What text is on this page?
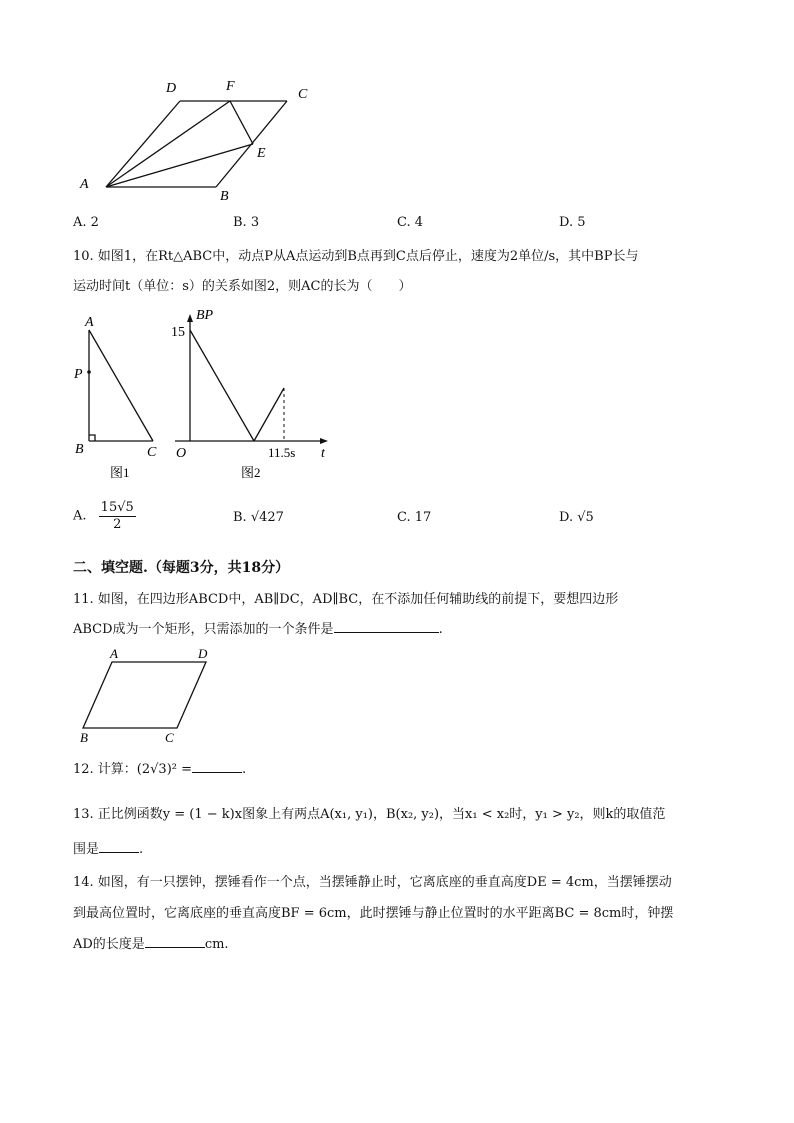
D	F
C
E
A
B
A. 2	B. 3	C. 4	D. 5
10. 如图1，在Rt△ABC中，动点P从A点运动到B点再到C点后停止，速度为2单位/s，其中BP长与
运动时间t（单位：s）的关系如图2，则AC的长为（　　）
A
P
B	C
图1
BP
15
O	11.5s t
图2
A. $\frac{15√5}{2}$	B. √427	C. 17	D. √5
二、填空题.（每题3分，共18分）
11. 如图，在四边形ABCD中，AB∥DC，AD∥BC，在不添加任何辅助线的前提下，要想四边形
ABCD成为一个矩形，只需添加的一个条件是	.
A	D
B	C
12. 计算：(2√3)² =	.
13. 正比例函数y = (1 − k)x图象上有两点A(x₁, y₁)，B(x₂, y₂)，当x₁ < x₂时，y₁ > y₂，则k的取值范
围是	.
14. 如图，有一只摆钟，摆锤看作一个点，当摆锤静止时，它离底座的垂直高度DE = 4cm，当摆锤摆动
到最高位置时，它离底座的垂直高度BF = 6cm，此时摆锤与静止位置时的水平距离BC = 8cm时，钟摆
AD的长度是	cm.
